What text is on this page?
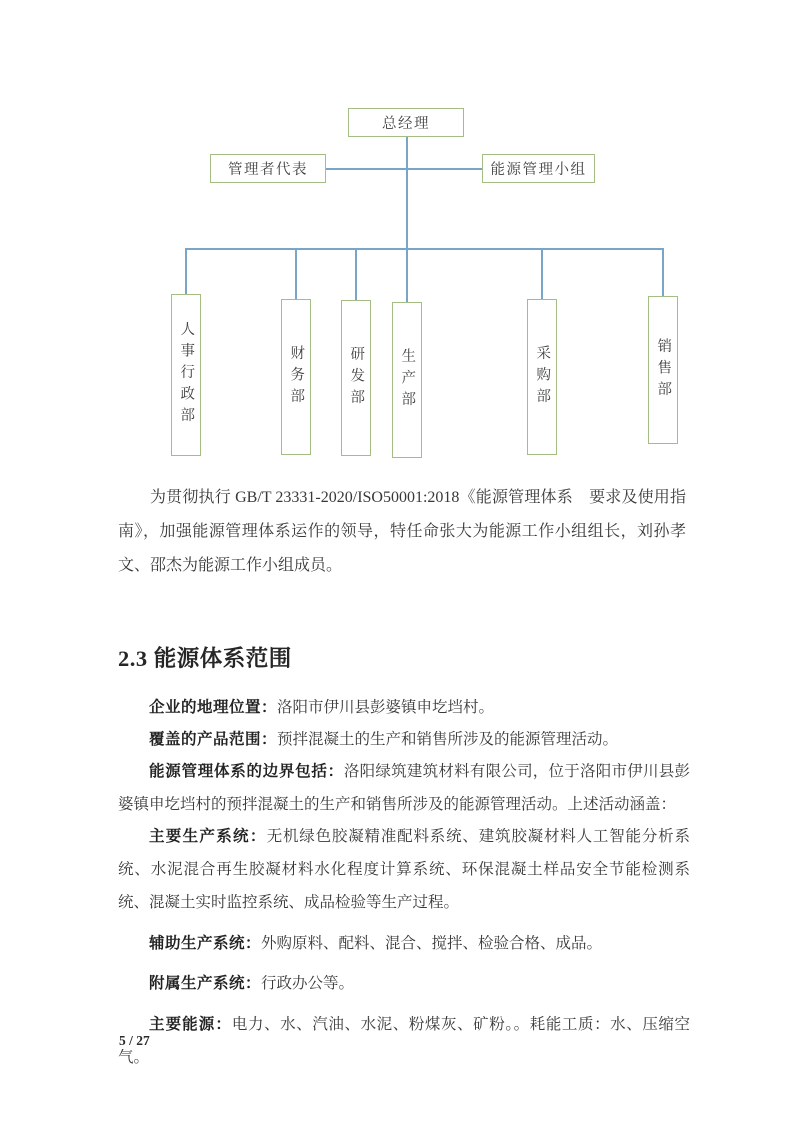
总经理
管理者代表	能源管理小组
人事行政部	财务部	研发部 生产部	采购部	销售部

为贯彻执行 GB/T 23331-2020/ISO50001:2018《能源管理体系　要求及使用指南》，加强能源管理体系运作的领导，特任命张大为能源工作小组组长，刘孙孝文、邵杰为能源工作小组成员。

2.3 能源体系范围

企业的地理位置：洛阳市伊川县彭婆镇申圪垱村。

覆盖的产品范围：预拌混凝土的生产和销售所涉及的能源管理活动。

能源管理体系的边界包括：洛阳绿筑建筑材料有限公司，位于洛阳市伊川县彭婆镇申圪垱村的预拌混凝土的生产和销售所涉及的能源管理活动。上述活动涵盖：

主要生产系统：无机绿色胶凝精准配料系统、建筑胶凝材料人工智能分析系统、水泥混合再生胶凝材料水化程度计算系统、环保混凝土样品安全节能检测系统、混凝土实时监控系统、成品检验等生产过程。

辅助生产系统：外购原料、配料、混合、搅拌、检验合格、成品。

附属生产系统：行政办公等。

主要能源：电力、水、汽油、水泥、粉煤灰、矿粉。。耗能工质：水、压缩空气。

5 / 27
